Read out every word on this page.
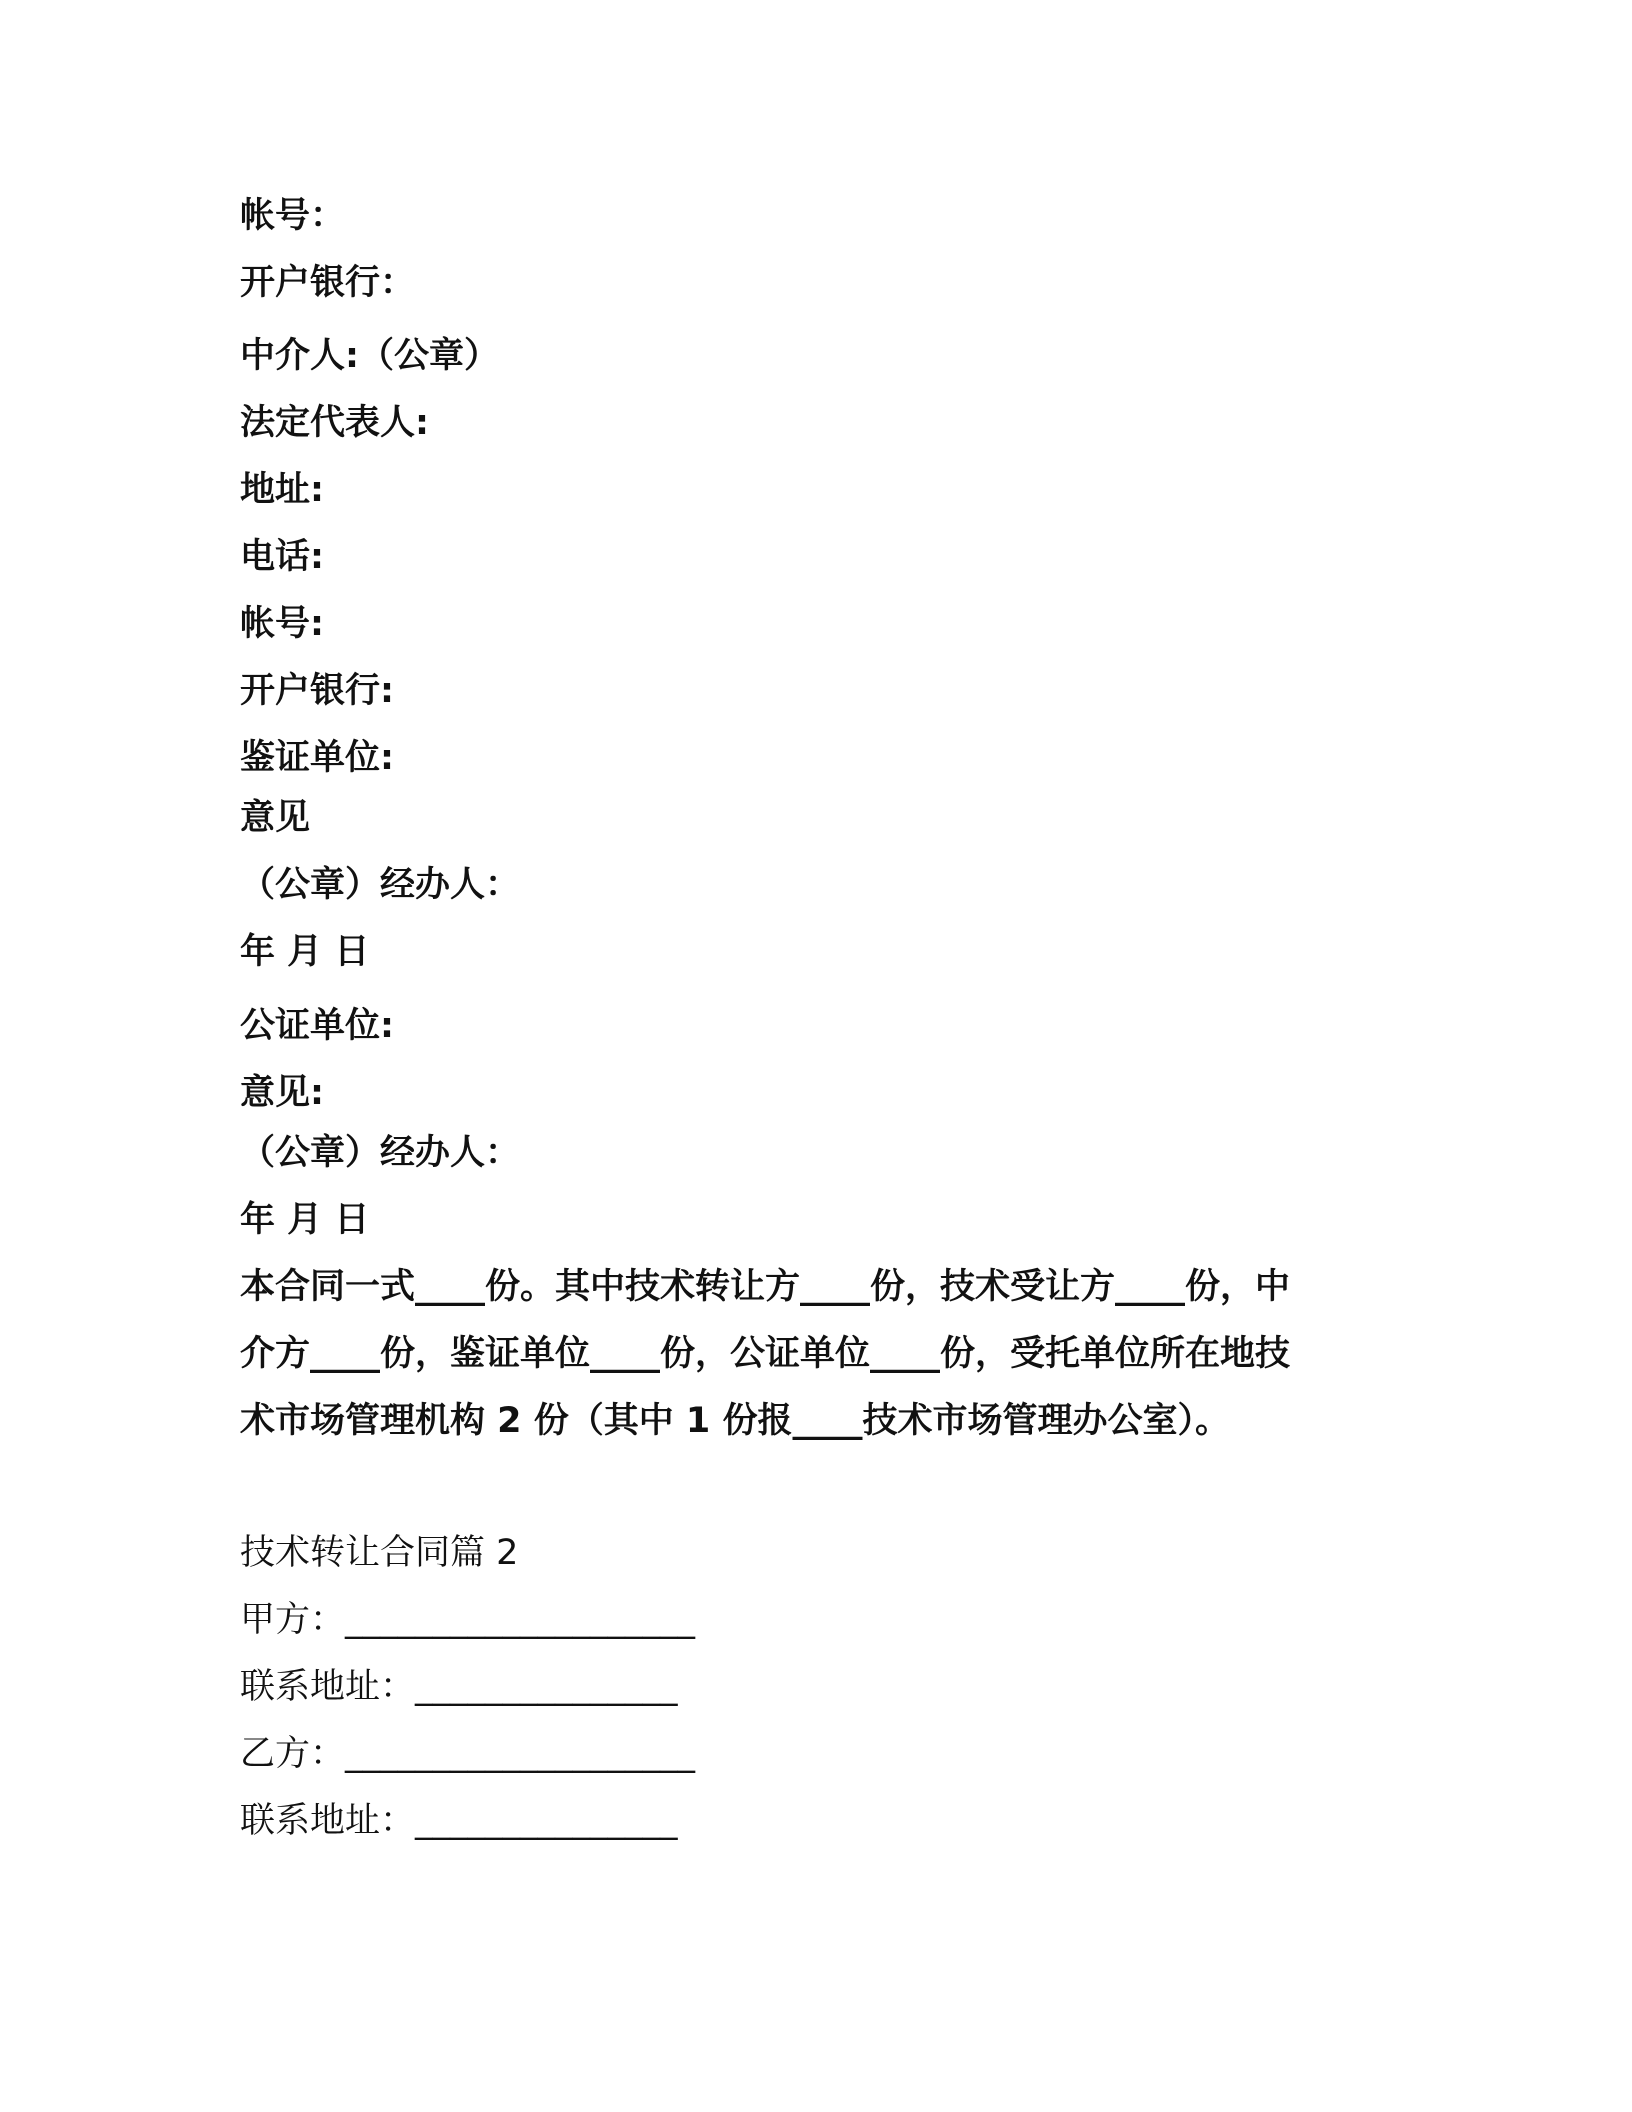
帐号：

开户银行：

中介人:（公章）

法定代表人:

地址:

电话:

帐号:

开户银行:

鉴证单位:

意见

（公章）经办人：

年 月 日

公证单位:

意见:

（公章）经办人：

年 月 日

本合同一式____份。其中技术转让方____份，技术受让方____份，中
介方____份，鉴证单位____份，公证单位____份，受托单位所在地技
术市场管理机构 2 份（其中 1 份报____技术市场管理办公室）。

技术转让合同篇 2

甲方：____________________

联系地址：_______________

乙方：____________________

联系地址：_______________
